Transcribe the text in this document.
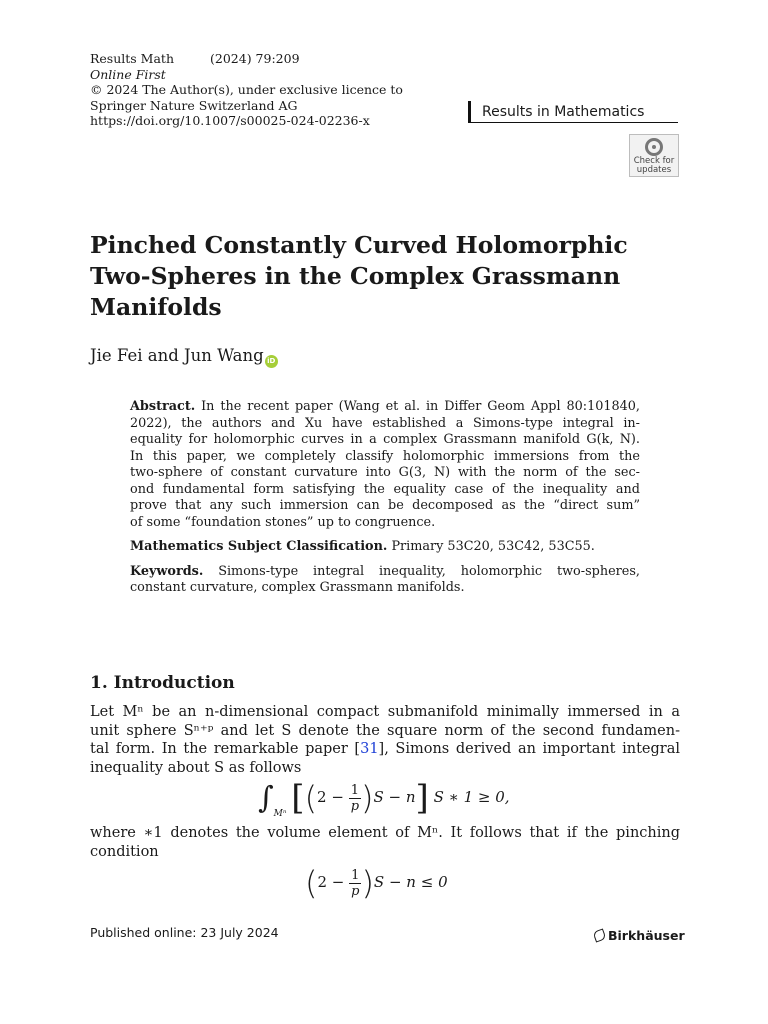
Results Math	(2024) 79:209
Online First
© 2024 The Author(s), under exclusive licence to
Springer Nature Switzerland AG
https://doi.org/10.1007/s00025-024-02236-x
Results in Mathematics
Check for
updates
Pinched Constantly Curved Holomorphic Two-Spheres in the Complex Grassmann Manifolds
Jie Fei and Jun Wang iD

Abstract. In the recent paper (Wang et al. in Differ Geom Appl 80:101840,
2022), the authors and Xu have established a Simons-type integral in-
equality for holomorphic curves in a complex Grassmann manifold G(k, N).
In this paper, we completely classify holomorphic immersions from the
two-sphere of constant curvature into G(3, N) with the norm of the sec-
ond fundamental form satisfying the equality case of the inequality and
prove that any such immersion can be decomposed as the “direct sum”
of some “foundation stones” up to congruence.

Mathematics Subject Classification. Primary 53C20, 53C42, 53C55.

Keywords. Simons-type integral inequality, holomorphic two-spheres,
constant curvature, complex Grassmann manifolds.

1. Introduction
Let Mⁿ be an n-dimensional compact submanifold minimally immersed in a
unit sphere Sⁿ⁺ᵖ and let S denote the square norm of the second fundamen-
tal form. In the remarkable paper [31], Simons derived an important integral
inequality about S as follows
$\int_{M^n}$ $[(2 - \frac{1}{p} )S - n]$ S ∗ 1 ≥ 0,
where ∗1 denotes the volume element of Mⁿ. It follows that if the pinching
condition
$(2 - \frac{1}{p} )S - n \le 0$
Published online: 23 July 2024	Birkhäuser
